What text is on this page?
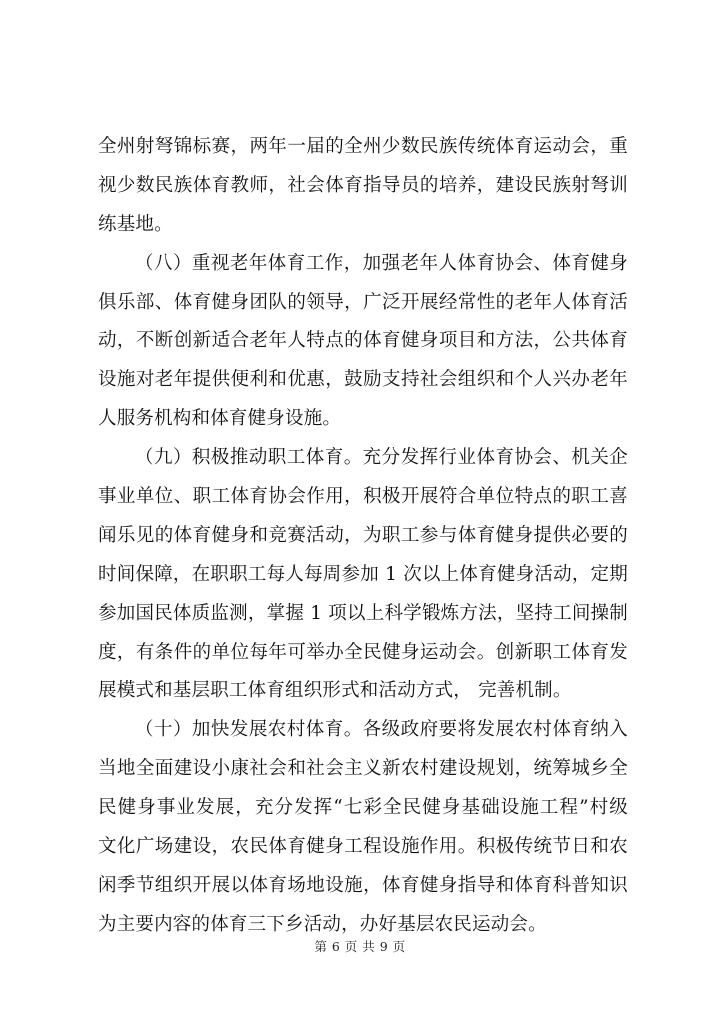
全州射弩锦标赛，两年一届的全州少数民族传统体育运动会，重
视少数民族体育教师，社会体育指导员的培养，建设民族射弩训
练基地。
（八）重视老年体育工作，加强老年人体育协会、体育健身
俱乐部、体育健身团队的领导，广泛开展经常性的老年人体育活
动，不断创新适合老年人特点的体育健身项目和方法，公共体育
设施对老年提供便利和优惠，鼓励支持社会组织和个人兴办老年
人服务机构和体育健身设施。
（九）积极推动职工体育。充分发挥行业体育协会、机关企
事业单位、职工体育协会作用，积极开展符合单位特点的职工喜
闻乐见的体育健身和竞赛活动，为职工参与体育健身提供必要的
时间保障，在职职工每人每周参加 1 次以上体育健身活动，定期
参加国民体质监测，掌握 1 项以上科学锻炼方法，坚持工间操制
度，有条件的单位每年可举办全民健身运动会。创新职工体育发
展模式和基层职工体育组织形式和活动方式， 完善机制。
（十）加快发展农村体育。各级政府要将发展农村体育纳入
当地全面建设小康社会和社会主义新农村建设规划，统筹城乡全
民健身事业发展，充分发挥“七彩全民健身基础设施工程”村级
文化广场建设，农民体育健身工程设施作用。积极传统节日和农
闲季节组织开展以体育场地设施，体育健身指导和体育科普知识
为主要内容的体育三下乡活动，办好基层农民运动会。
第 6 页 共 9 页
